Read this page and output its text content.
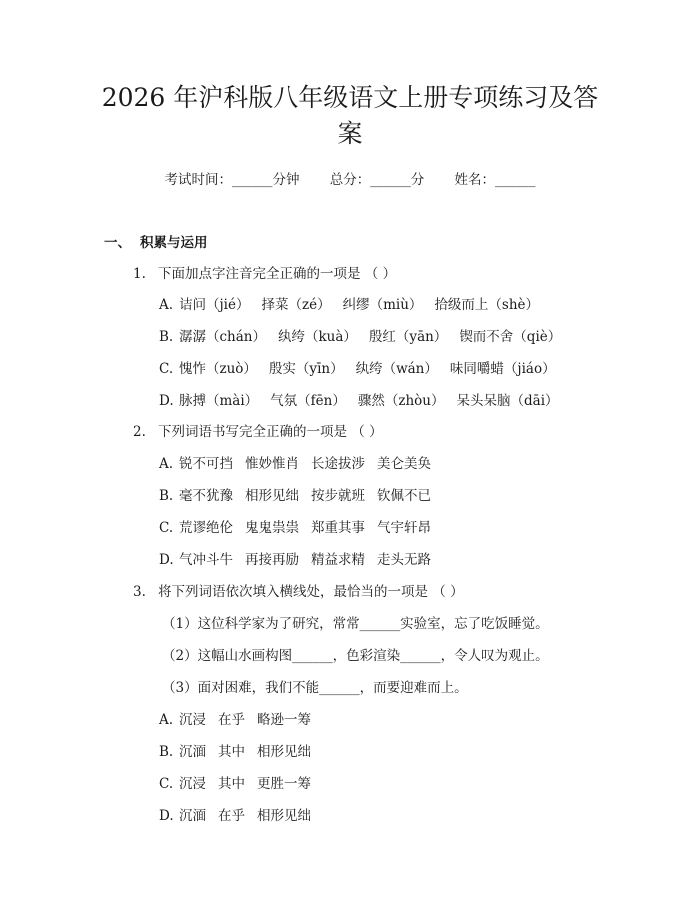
2026 年沪科版八年级语文上册专项练习及答
案
考试时间：______分钟 总分：______分 姓名：______
一、 积累与运用
1. 下面加点字注音完全正确的一项是 （ ）
A. 诘问（jié） 择菜（zé） 纠缪（miù） 拾级而上（shè）
B. 潺潺（chán） 纨绔（kuà） 殷红（yān） 锲而不舍（qiè）
C. 愧怍（zuò） 殷实（yīn） 纨绔（wán） 味同嚼蜡（jiáo）
D. 脉搏（mài） 气氛（fēn） 骤然（zhòu） 呆头呆脑（dāi）
2. 下列词语书写完全正确的一项是 （ ）
A. 锐不可挡 惟妙惟肖 长途拔涉 美仑美奂
B. 毫不犹豫 相形见绌 按步就班 钦佩不已
C. 荒谬绝伦 鬼鬼祟祟 郑重其事 气宇轩昂
D. 气冲斗牛 再接再励 精益求精 走头无路
3. 将下列词语依次填入横线处，最恰当的一项是 （ ）
（1）这位科学家为了研究，常常______实验室，忘了吃饭睡觉。
（2）这幅山水画构图______，色彩渲染______，令人叹为观止。
（3）面对困难，我们不能______，而要迎难而上。
A. 沉浸 在乎 略逊一筹
B. 沉湎 其中 相形见绌
C. 沉浸 其中 更胜一筹
D. 沉湎 在乎 相形见绌
